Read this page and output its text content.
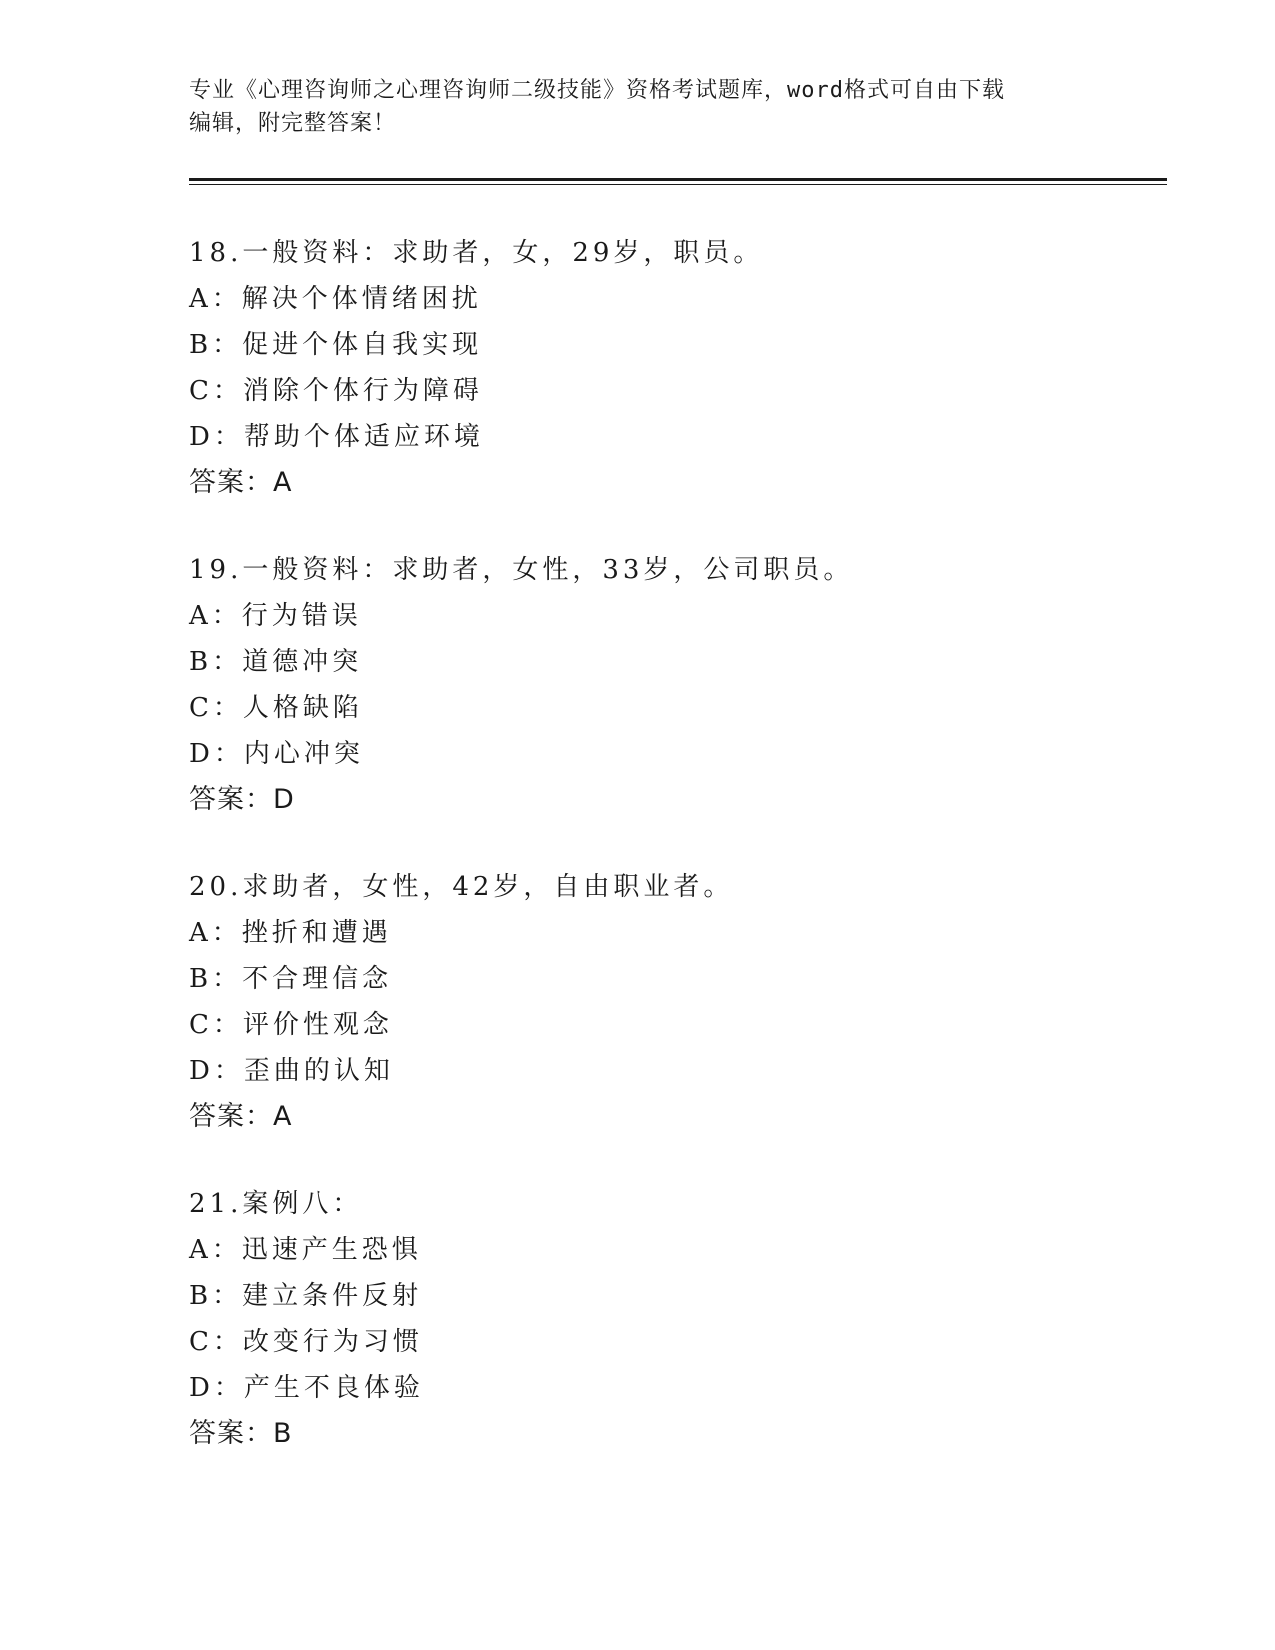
专业《心理咨询师之心理咨询师二级技能》资格考试题库，word格式可自由下载
编辑，附完整答案！
18.一般资料：求助者，女，29岁，职员。
A：解决个体情绪困扰
B：促进个体自我实现
C：消除个体行为障碍
D：帮助个体适应环境
答案：A
19.一般资料：求助者，女性，33岁，公司职员。
A：行为错误
B：道德冲突
C：人格缺陷
D：内心冲突
答案：D
20.求助者，女性，42岁，自由职业者。
A：挫折和遭遇
B：不合理信念
C：评价性观念
D：歪曲的认知
答案：A
21.案例八：
A：迅速产生恐惧
B：建立条件反射
C：改变行为习惯
D：产生不良体验
答案：B
